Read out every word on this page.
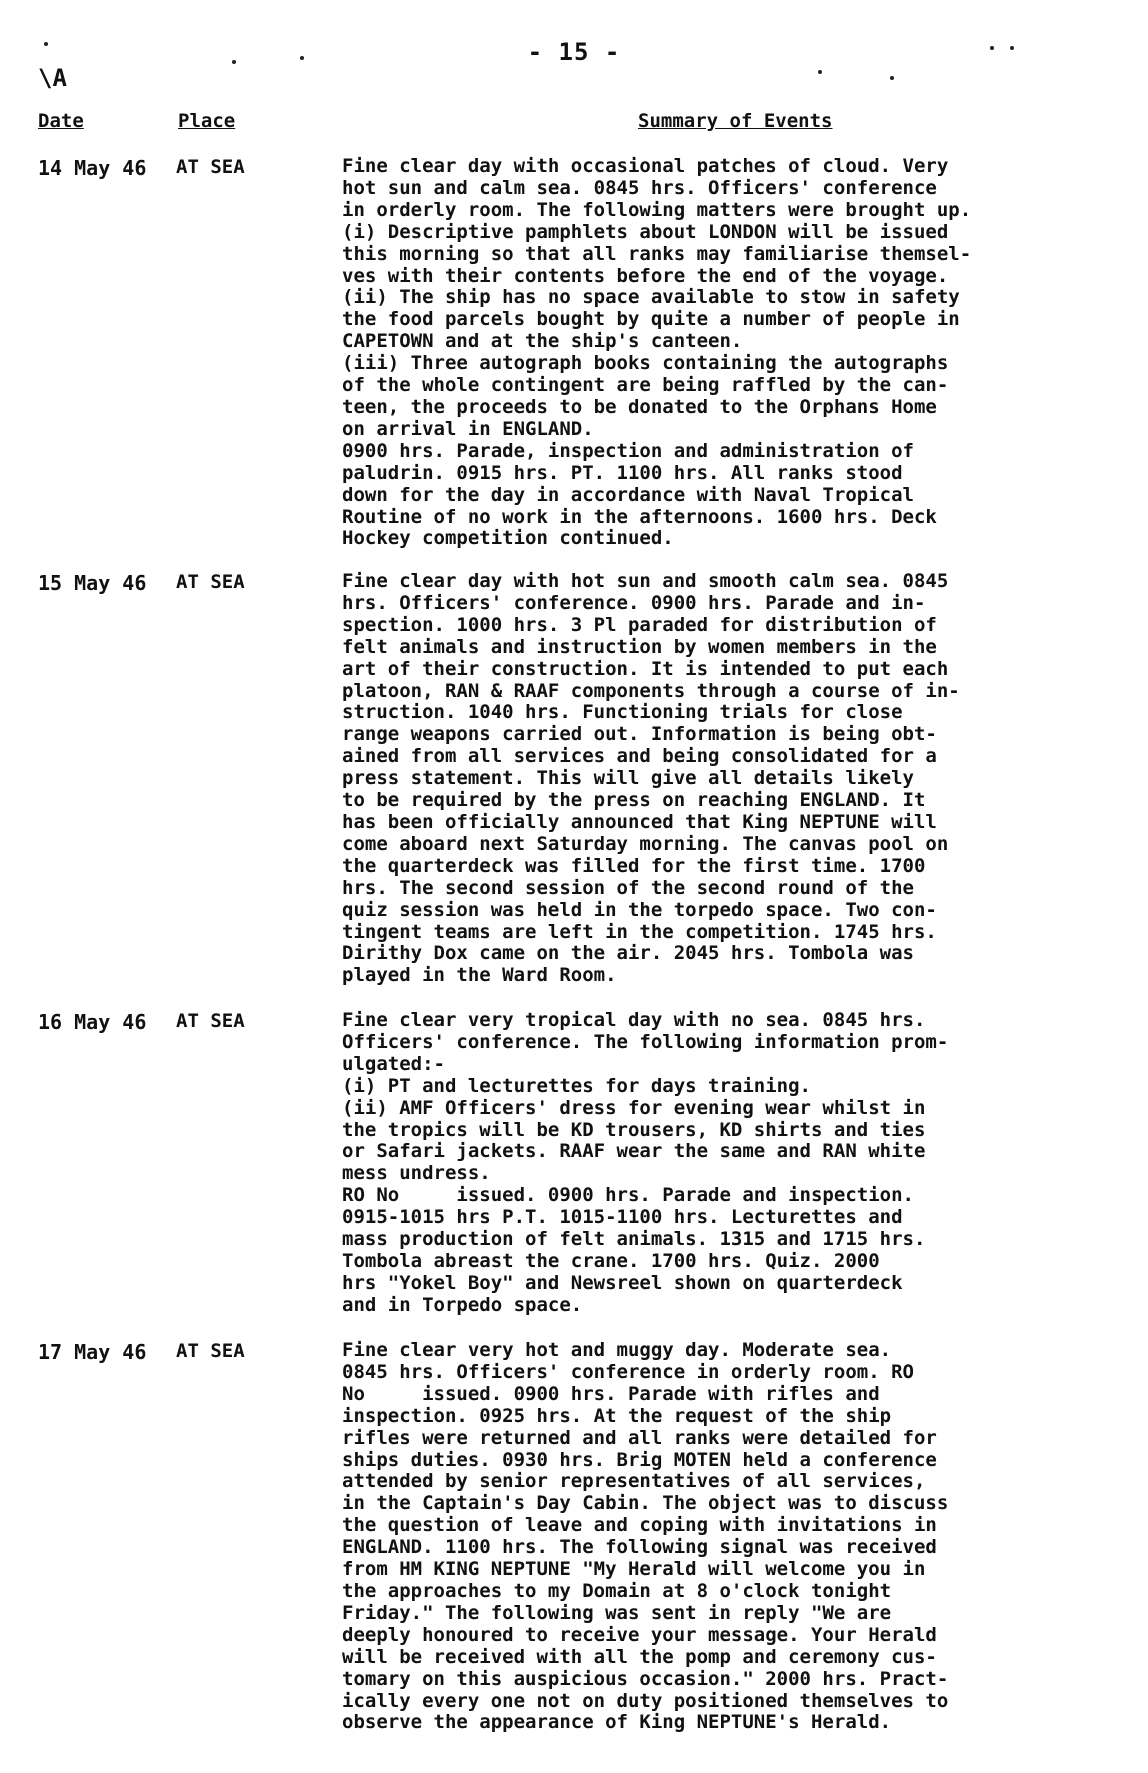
\A
- 15 -
Date	Place	Summary of Events
14 May 46 AT SEA	Fine clear day with occasional patches of cloud. Very
hot sun and calm sea. 0845 hrs. Officers' conference
in orderly room. The following matters were brought up.
(i) Descriptive pamphlets about LONDON will be issued
this morning so that all ranks may familiarise themsel-
ves with their contents before the end of the voyage.
(ii) The ship has no space available to stow in safety
the food parcels bought by quite a number of people in
CAPETOWN and at the ship's canteen.
(iii) Three autograph books containing the autographs
of the whole contingent are being raffled by the can-
teen, the proceeds to be donated to the Orphans Home
on arrival in ENGLAND.
0900 hrs. Parade, inspection and administration of
paludrin. 0915 hrs. PT. 1100 hrs. All ranks stood
down for the day in accordance with Naval Tropical
Routine of no work in the afternoons. 1600 hrs. Deck
Hockey competition continued.
15 May 46 AT SEA	Fine clear day with hot sun and smooth calm sea. 0845
hrs. Officers' conference. 0900 hrs. Parade and in-
spection. 1000 hrs. 3 Pl paraded for distribution of
felt animals and instruction by women members in the
art of their construction. It is intended to put each
platoon, RAN & RAAF components through a course of in-
struction. 1040 hrs. Functioning trials for close
range weapons carried out. Information is being obt-
ained from all services and being consolidated for a
press statement. This will give all details likely
to be required by the press on reaching ENGLAND. It
has been officially announced that King NEPTUNE will
come aboard next Saturday morning. The canvas pool on
the quarterdeck was filled for the first time. 1700
hrs. The second session of the second round of the
quiz session was held in the torpedo space. Two con-
tingent teams are left in the competition. 1745 hrs.
Dirithy Dox came on the air. 2045 hrs. Tombola was
played in the Ward Room.
16 May 46 AT SEA	Fine clear very tropical day with no sea. 0845 hrs.
Officers' conference. The following information prom-
ulgated:-
(i) PT and lecturettes for days training.
(ii) AMF Officers' dress for evening wear whilst in
the tropics will be KD trousers, KD shirts and ties
or Safari jackets. RAAF wear the same and RAN white
mess undress.
RO No     issued. 0900 hrs. Parade and inspection.
0915-1015 hrs P.T. 1015-1100 hrs. Lecturettes and
mass production of felt animals. 1315 and 1715 hrs.
Tombola abreast the crane. 1700 hrs. Quiz. 2000
hrs "Yokel Boy" and Newsreel shown on quarterdeck
and in Torpedo space.
17 May 46 AT SEA	Fine clear very hot and muggy day. Moderate sea.
0845 hrs. Officers' conference in orderly room. RO
No     issued. 0900 hrs. Parade with rifles and
inspection. 0925 hrs. At the request of the ship
rifles were returned and all ranks were detailed for
ships duties. 0930 hrs. Brig MOTEN held a conference
attended by senior representatives of all services,
in the Captain's Day Cabin. The object was to discuss
the question of leave and coping with invitations in
ENGLAND. 1100 hrs. The following signal was received
from HM KING NEPTUNE "My Herald will welcome you in
the approaches to my Domain at 8 o'clock tonight
Friday." The following was sent in reply "We are
deeply honoured to receive your message. Your Herald
will be received with all the pomp and ceremony cus-
tomary on this auspicious occasion." 2000 hrs. Pract-
ically every one not on duty positioned themselves to
observe the appearance of King NEPTUNE's Herald.
